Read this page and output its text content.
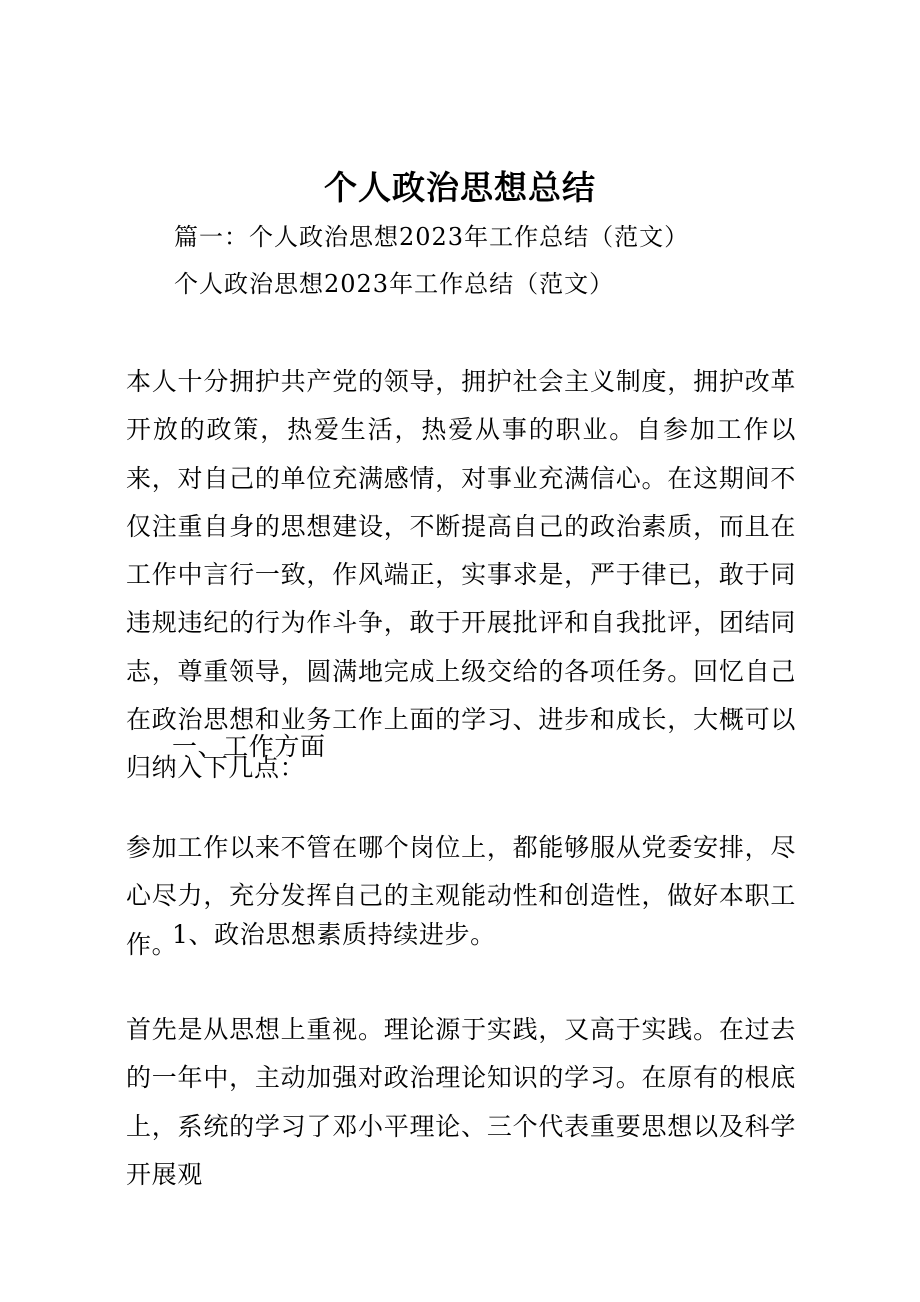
个人政治思想总结
篇一：个人政治思想2023年工作总结（范文）
个人政治思想2023年工作总结（范文）

本人十分拥护共产党的领导，拥护社会主义制度，拥护改革开放的政策，热爱生活，热爱从事的职业。自参加工作以来，对自己的单位充满感情，对事业充满信心。在这期间不仅注重自身的思想建设，不断提高自己的政治素质，而且在工作中言行一致，作风端正，实事求是，严于律已，敢于同违规违纪的行为作斗争，敢于开展批评和自我批评，团结同志，尊重领导，圆满地完成上级交给的各项任务。回忆自己在政治思想和业务工作上面的学习、进步和成长，大概可以归纳入下几点：

一、工作方面

参加工作以来不管在哪个岗位上，都能够服从党委安排，尽心尽力，充分发挥自己的主观能动性和创造性，做好本职工作。

1、政治思想素质持续进步。

首先是从思想上重视。理论源于实践，又高于实践。在过去的一年中，主动加强对政治理论知识的学习。在原有的根底上，系统的学习了邓小平理论、三个代表重要思想以及科学开展观
